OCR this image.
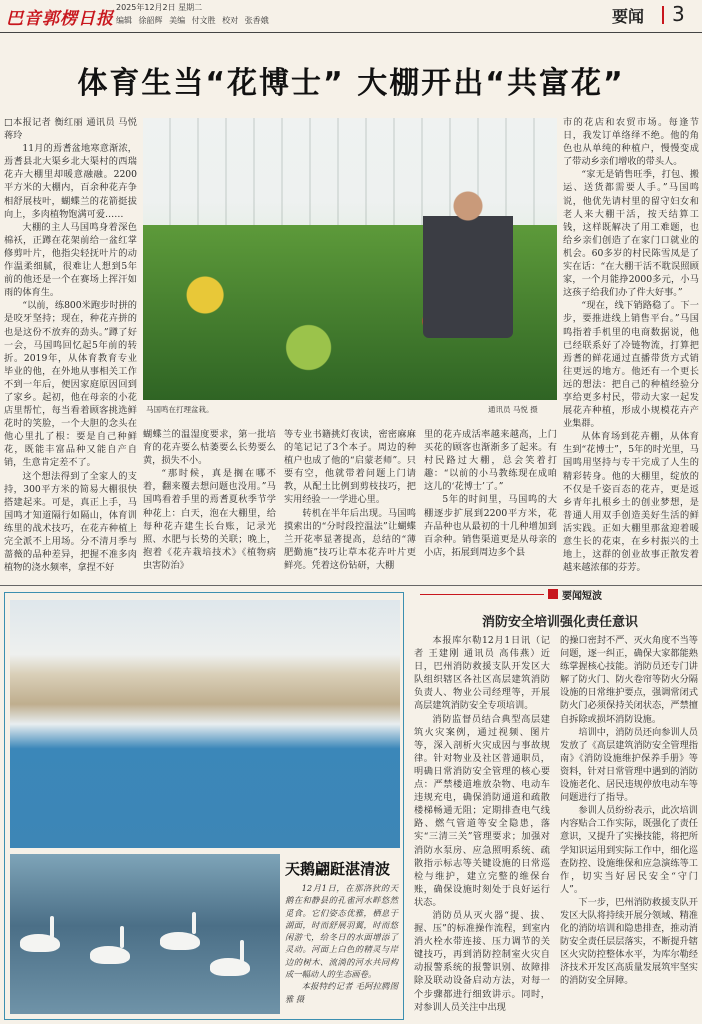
巴音郭楞日报
2025年12月2日 星期二
编辑 徐韶辉 美编 付文胜 校对 张香娥	要闻 3
体育生当“花博士” 大棚开出“共富花”

□本报记者 衡红丽 通讯员 马悦 蒋玲

11月的焉耆盆地寒意渐浓，焉耆县北大渠乡北大渠村的西瑞花卉大棚里却暖意融融。2200平方米的大棚内，百余种花卉争相舒展枝叶，蝴蝶兰的花箭挺拔向上，多肉植物饱满可爱……

大棚的主人马国鸣身着深色棉袄，正蹲在花架前给一盆红掌修剪叶片，他指尖轻抚叶片的动作温柔细腻，很难让人想到5年前的他还是一个在赛场上挥汗如雨的体育生。

“以前，练800米跑步时拼的是咬牙坚持；现在，种花卉拼的也是这份不放弃的劲头。”蹲了好一会，马国鸣回忆起5年前的转折。2019年，从体育教育专业毕业的他，在外地从事相关工作不到一年后，便因家庭原因回到了家乡。起初，他在母亲的小花店里帮忙，每当看着顾客挑选鲜花时的笑脸，一个大胆的念头在他心里扎了根：要是自己种鲜花，既能丰富品种又能自产自销，生意肯定差不了。

这个想法得到了全家人的支持，300平方米的简易大棚很快搭建起来。可是，真正上手，马国鸣才知道隔行如隔山，体育训练里的战术技巧，在花卉种植上完全派不上用场。分不清月季与蔷薇的品种差异，把握不准多肉植物的浇水频率，拿捏不好

马国鸣在打理盆栽。	通讯员 马悦 摄

蝴蝶兰的温湿度要求，第一批培育的花卉要么枯萎要么长势要么黄，损失不小。

“那时候，真是搁在哪不着，翻来覆去想问题也没用。”马国鸣看着手里的焉耆夏秋季节学种花上：白天，泡在大棚里，给每种花卉建生长台账，记录光照、水肥与长势的关联；晚上，抱着《花卉栽培技术》《植物病虫害防治》

等专业书籍挑灯夜读，密密麻麻的笔记记了3个本子。周边的种植户也成了他的“启蒙老师”。只要有空，他就带着问题上门请教，从配土比例到剪枝技巧，把实用经验一一学进心里。

转机在半年后出现。马国鸣摸索出的“分时段控温法”让蝴蝶兰开花率显著提高，总结的“薄肥勤施”技巧让草本花卉叶片更鲜亮。凭着这份钻研，大棚

里的花卉成活率越来越高，上门买花的顾客也渐渐多了起来。有村民路过大棚，总会笑着打趣：“以前的小马教练现在成咱这儿的‘花博士’了。”

5年的时间里，马国鸣的大棚逐步扩展到2200平方米，花卉品种也从最初的十几种增加到百余种。销售渠道更是从母亲的小店，拓展到周边多个县

市的花店和农贸市场。每逢节日，我发订单络绎不绝。他的角色也从单纯的种植户，慢慢变成了带动乡亲们增收的带头人。

“家无是销售旺季，打包、搬运、送货都需要人手。”马国鸣说，他优先请村里的留守妇女和老人来大棚干活，按天结算工钱，这样既解决了用工难题，也给乡亲们创造了在家门口就业的机会。60多岁的村民陈雪凤是了实在话：“在大棚干活不耽误照顾家，一个月能挣2000多元，小马这孩子给我们办了件大好事。”

“现在，线下销路稳了。下一步，要推进线上销售平台。”马国鸣指着手机里的电商数据说，他已经联系好了冷链物流，打算把焉耆的鲜花通过直播带货方式销往更远的地方。他还有一个更长远的想法：把自己的种植经验分享给更多村民，带动大家一起发展花卉种植，形成小规模花卉产业集群。

从体育场到花卉棚，从体育生到“花博士”，5年的时光里，马国鸣用坚持与专干完成了人生的精彩转身。他的大棚里，绽放的不仅是千姿百态的花卉，更是返乡青年扎根乡土的创业梦想，是普通人用双手创造美好生活的鲜活实践。正如大棚里那盆迎着暖意生长的花束，在乡村振兴的土地上，这群的创业故事正散发着越来越浓郁的芬芳。

天鹅翩跹湛清波

12月1日，在那洛狄的天鹅在和静县的孔雀河水畔悠然觅食。它们姿态优雅，栖息于湖面，时而舒展羽翼，时而悠闲游弋，给冬日的水面增添了灵动。河面上白色的精灵与岸边的树木、流淌的河水共同构成一幅动人的生态画卷。

本报特约记者 毛阿拉腾图雅 摄

要闻短波
消防安全培训强化责任意识

本报库尔勒12月1日讯（记者 王建刚 通讯员 高伟燕）近日，巴州消防救援支队开发区大队组织辖区各社区高层建筑消防负责人、物业公司经理等，开展高层建筑消防安全专项培训。

消防监督员结合典型高层建筑火灾案例，通过视频、图片等，深入剖析火灾成因与事故规律。针对物业及社区普通职员，明确日常消防安全管理的核心要点：严禁楼道堆放杂物、电动车违规充电，确保消防通道和疏散楼梯畅通无阻；定期排查电气线路、燃气管道等安全隐患，落实“三清三关”管理要求；加强对消防水泵房、应急照明系统、疏散指示标志等关键设施的日常巡检与维护，建立完整的维保台账，确保设施时刻处于良好运行状态。

消防员从灭火器“提、拔、握、压”的标准操作流程，到室内消火栓水带连接、压力调节的关键技巧，再到消防控制室火灾自动报警系统的报警识别、故障排除及联动设备启动方法，对每一个步骤都进行细致讲示。同时，对参训人员关注中出现

的操口密封不严、灭火角度不当等问题，逐一纠正，确保大家都能熟练掌握核心技能。消防员还专门讲解了防火门、防火卷帘等防火分隔设施的日常维护要点，强调常闭式防火门必须保持关闭状态，严禁擅自拆除或损坏消防设施。

培训中，消防员还向参训人员发放了《高层建筑消防安全管理指南》《消防设施维护保养手册》等资料，针对日常管理中遇到的消防设施老化、居民违规停放电动车等问题进行了指导。

参训人员纷纷表示，此次培训内容贴合工作实际，既强化了责任意识，又提升了实操技能，将把所学知识运用到实际工作中，细化巡查防控、设施维保和应急演练等工作，切实当好居民安全“守门人”。

下一步，巴州消防救援支队开发区大队将持续开展分领域、精准化的消防培训和隐患排查，推动消防安全责任层层落实，不断提升辖区火灾防控整体水平，为库尔勒经济技术开发区高质量发展筑牢坚实的消防安全屏障。
